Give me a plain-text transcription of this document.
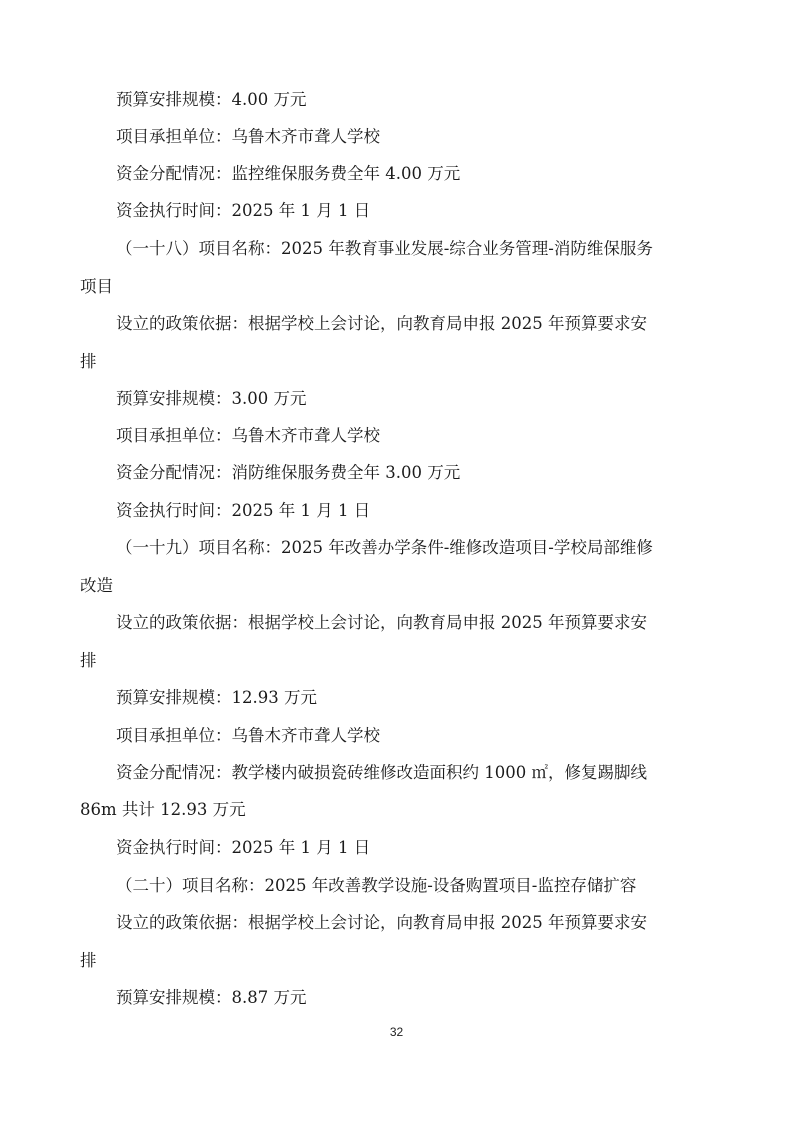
预算安排规模：4.00 万元
项目承担单位：乌鲁木齐市聋人学校
资金分配情况：监控维保服务费全年 4.00 万元
资金执行时间：2025 年 1 月 1 日
（一十八）项目名称：2025 年教育事业发展-综合业务管理-消防维保服务
项目
设立的政策依据：根据学校上会讨论，向教育局申报 2025 年预算要求安
排
预算安排规模：3.00 万元
项目承担单位：乌鲁木齐市聋人学校
资金分配情况：消防维保服务费全年 3.00 万元
资金执行时间：2025 年 1 月 1 日
（一十九）项目名称：2025 年改善办学条件-维修改造项目-学校局部维修
改造
设立的政策依据：根据学校上会讨论，向教育局申报 2025 年预算要求安
排
预算安排规模：12.93 万元
项目承担单位：乌鲁木齐市聋人学校
资金分配情况：教学楼内破损瓷砖维修改造面积约 1000 ㎡，修复踢脚线
86m 共计 12.93 万元
资金执行时间：2025 年 1 月 1 日
（二十）项目名称：2025 年改善教学设施-设备购置项目-监控存储扩容
设立的政策依据：根据学校上会讨论，向教育局申报 2025 年预算要求安
排
预算安排规模：8.87 万元
32
